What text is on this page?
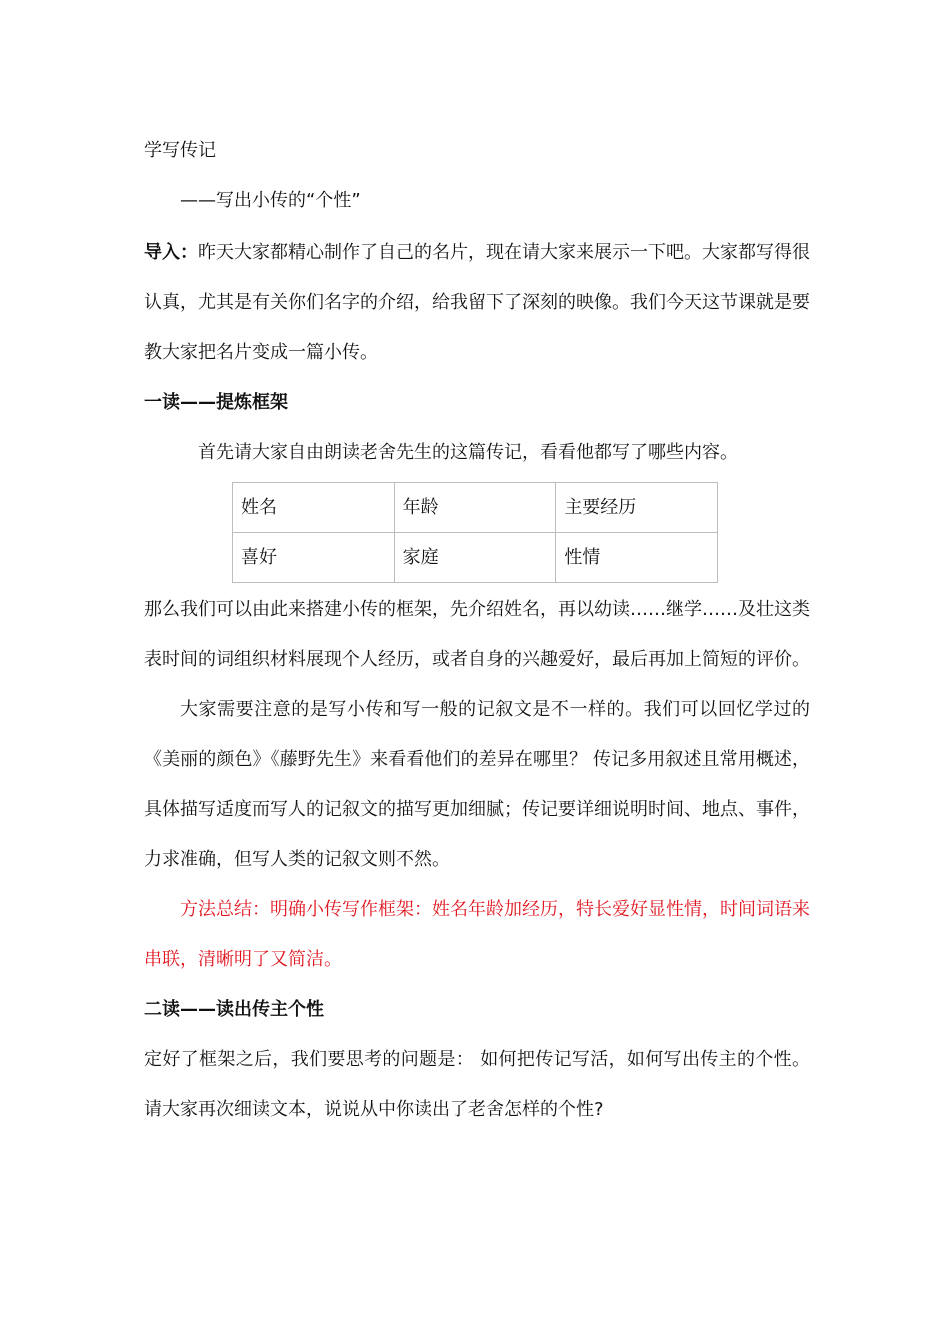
学写传记

——写出小传的“个性”

导入：昨天大家都精心制作了自己的名片，现在请大家来展示一下吧。大家都写得很认真，尤其是有关你们名字的介绍，给我留下了深刻的映像。我们今天这节课就是要教大家把名片变成一篇小传。

一读——提炼框架

首先请大家自由朗读老舍先生的这篇传记，看看他都写了哪些内容。

姓名	年龄	主要经历
喜好	家庭	性情

那么我们可以由此来搭建小传的框架，先介绍姓名，再以幼读……继学……及壮这类表时间的词组织材料展现个人经历，或者自身的兴趣爱好，最后再加上简短的评价。

大家需要注意的是写小传和写一般的记叙文是不一样的。我们可以回忆学过的《美丽的颜色》《藤野先生》来看看他们的差异在哪里？ 传记多用叙述且常用概述，具体描写适度而写人的记叙文的描写更加细腻；传记要详细说明时间、地点、事件，力求准确，但写人类的记叙文则不然。

方法总结：明确小传写作框架：姓名年龄加经历，特长爱好显性情，时间词语来串联，清晰明了又简洁。

二读——读出传主个性

定好了框架之后，我们要思考的问题是： 如何把传记写活，如何写出传主的个性。请大家再次细读文本，说说从中你读出了老舍怎样的个性?
